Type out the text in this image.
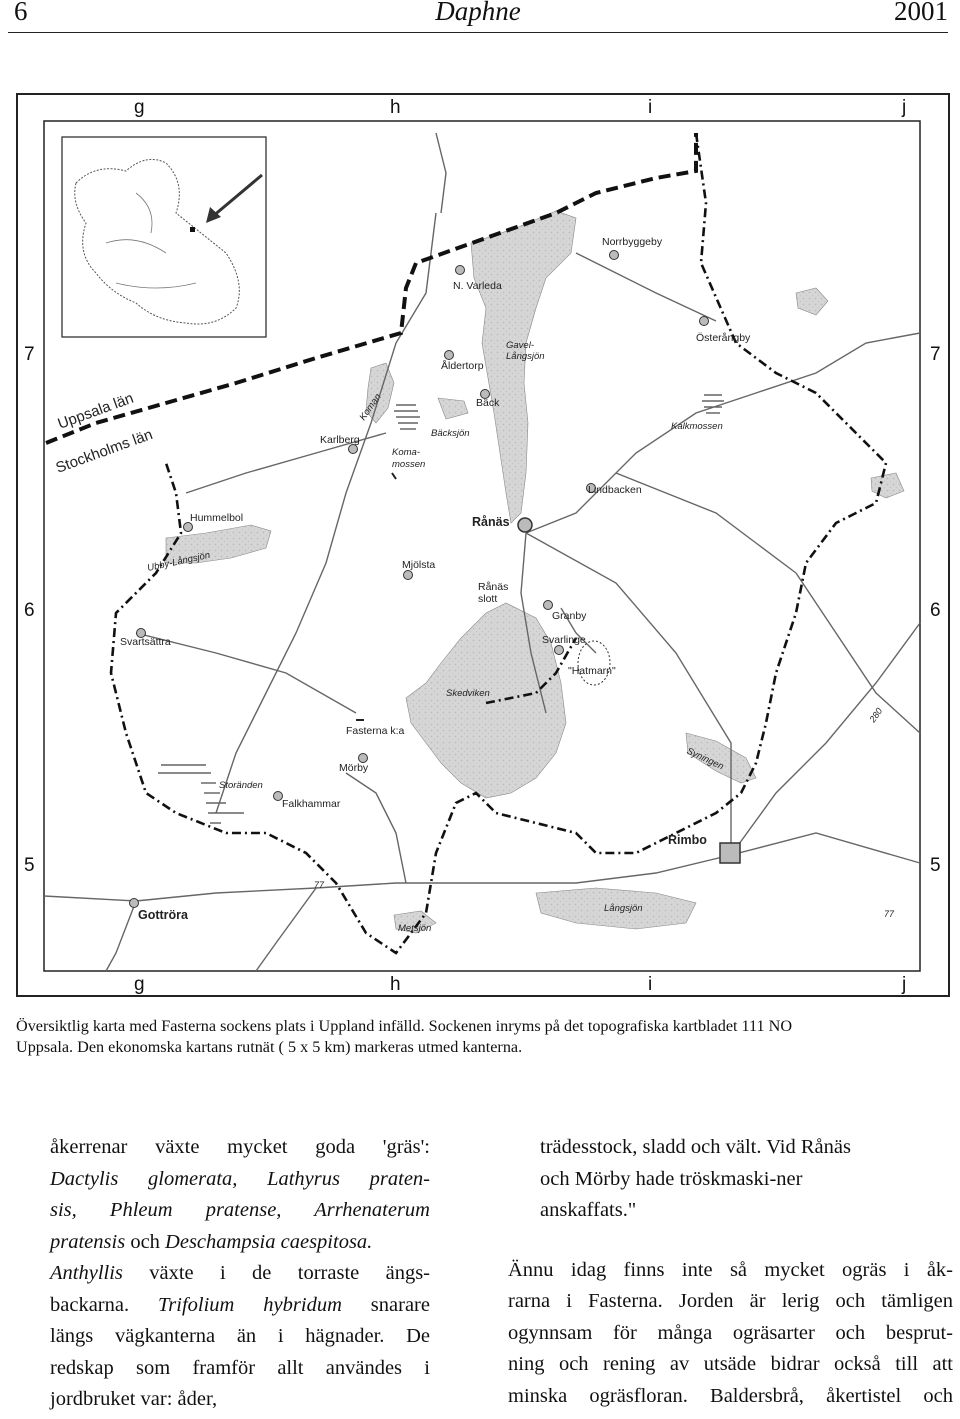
6	Daphne	2001
g	h	i	j
g	h	i	j
7
6
5
7
6
5
Uppsala län
Stockholms län
Norrbyggeby
N. Varleda
Gavel-
Långsjön
Österångby
Åldertorp
Bäck
Koman
Bäcksjön
Karlberg
Koma-
mossen
Kalkmossen
Lindbacken
Hummelbol
Ubby-Långsjön
Rånäs
Mjölsta
Rånäs
slott
Granby
Svartsättra	Svarlinge
"Hatmarn"
Skedviken
Fasterna k:a
Syningen
Mörby
Storänden
Falkhammar
Rimbo
Gottröra	Långsjön
Metsjön
77
77
280
Översiktlig karta med Fasterna sockens plats i Uppland infälld. Sockenen inryms på det topografiska kartbladet 111 NO
Uppsala. Den ekonomska kartans rutnät ( 5 x 5 km) markeras utmed kanterna.

åkerrenar växte mycket goda 'gräs':

Dactylis glomerata, Lathyrus praten-

sis, Phleum pratense, Arrhenaterum

pratensis och Deschampsia caespitosa.

Anthyllis växte i de torraste ängs-

backarna. Trifolium hybridum snarare

längs vägkanterna än i hägnader. De

redskap som framför allt användes i

jordbruket var: åder,

trädesstock, sladd och vält. Vid Rånäs

och Mörby hade tröskmaski-ner

anskaffats."

Ännu idag finns inte så mycket ogräs i åk-

rarna i Fasterna. Jorden är lerig och tämligen

ogynnsam för många ogräsarter och besprut-

ning och rening av utsäde bidrar också till att

minska ogräsfloran. Baldersbrå, åkertistel och
